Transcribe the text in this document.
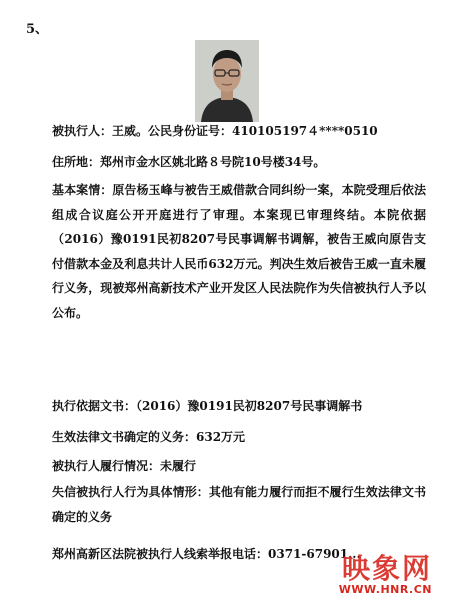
5、
被执行人：王威。公民身份证号：410105197４****0510
住所地：郑州市金水区姚北路８号院10号楼34号。
基本案情：原告杨玉峰与被告王威借款合同纠纷一案，本院受理后依法组成合议庭公开开庭进行了审理。本案现已审理终结。本院依据（2016）豫0191民初8207号民事调解书调解，被告王威向原告支付借款本金及利息共计人民币632万元。判决生效后被告王威一直未履行义务，现被郑州高新技术产业开发区人民法院作为失信被执行人予以公布。
执行依据文书：（2016）豫0191民初8207号民事调解书
生效法律文书确定的义务：632万元
被执行人履行情况：未履行
失信被执行人行为具体情形：其他有能力履行而拒不履行生效法律文书确定的义务
郑州高新区法院被执行人线索举报电话：0371-67901...
映象网
WWW.HNR.CN
